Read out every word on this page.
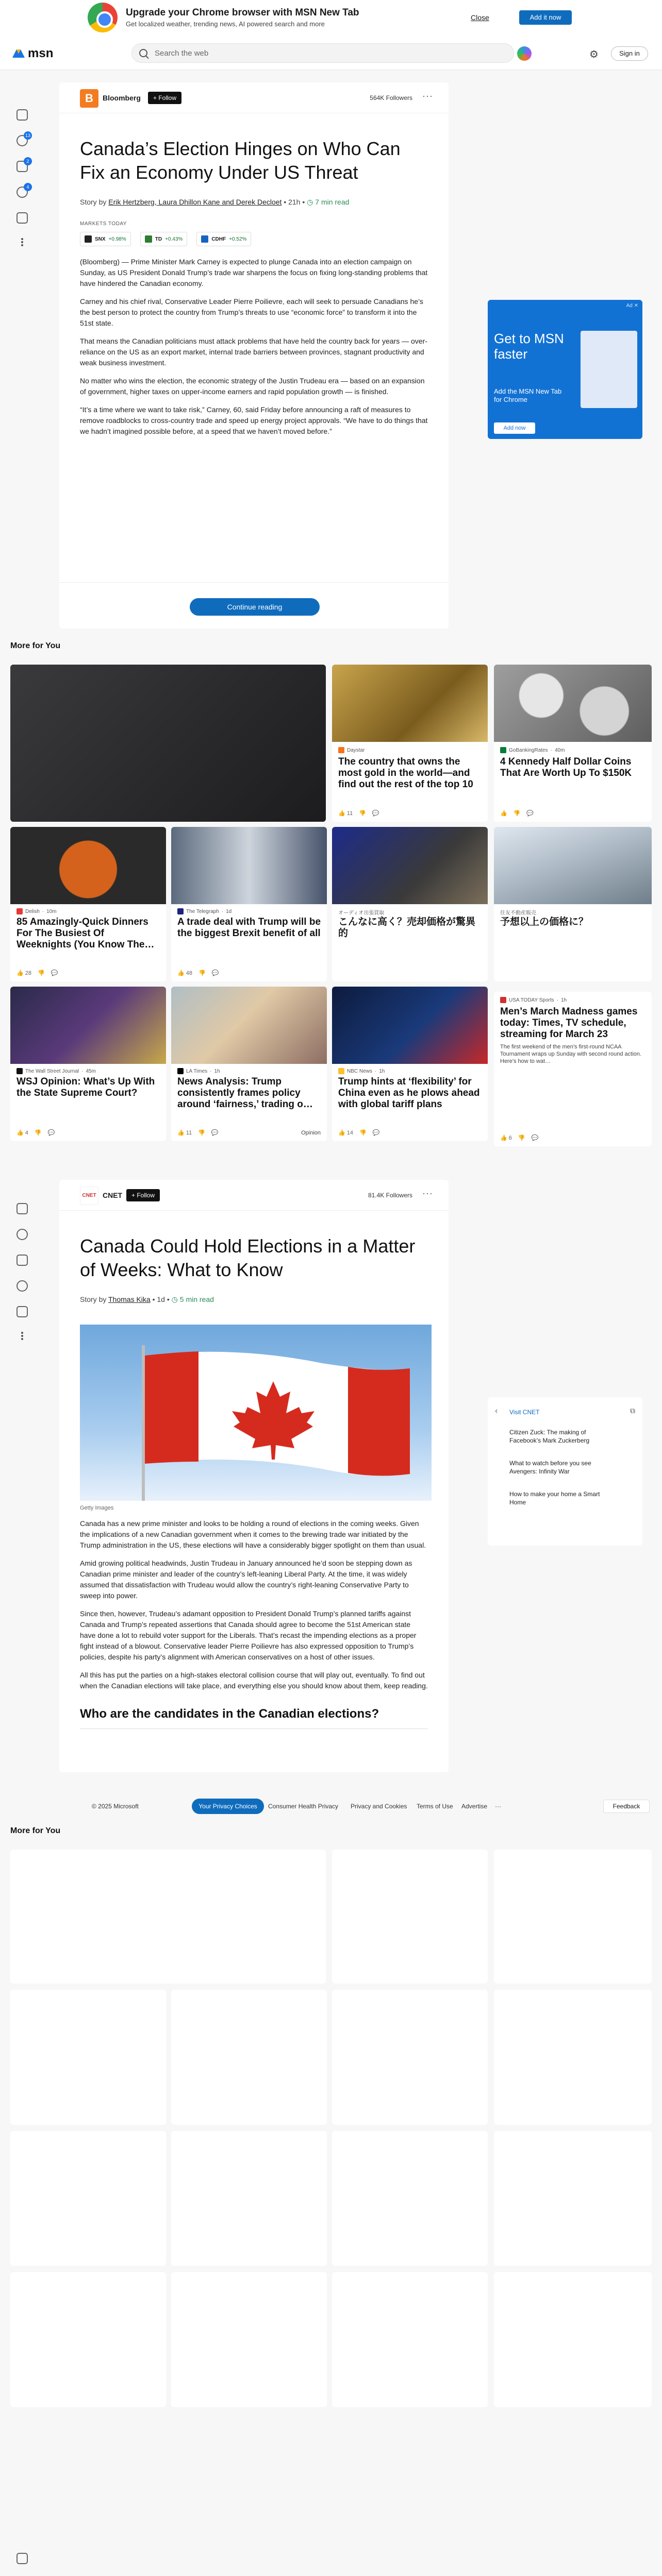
Upgrade your Chrome browser with MSN New Tab
Get localized weather, trending news, AI powered search and more
Close	Add it now
msn	Search the web	⚙	Sign in
13
2
4
B	Bloomberg	+ Follow	564K Followers ···
Canada’s Election Hinges on Who Can Fix an Economy Under US Threat
Story by Erik Hertzberg, Laura Dhillon Kane and Derek Decloet • 21h • ◷ 7 min read
MARKETS TODAY
SNX +0.98%	TD +0.43%	CDHF +0.52%

(Bloomberg) — Prime Minister Mark Carney is expected to plunge Canada into an election campaign on Sunday, as US President Donald Trump’s trade war sharpens the focus on fixing long-standing problems that have hindered the Canadian economy.

Carney and his chief rival, Conservative Leader Pierre Poilievre, each will seek to persuade Canadians he’s the best person to protect the country from Trump’s threats to use “economic force” to transform it into the 51st state.

That means the Canadian politicians must attack problems that have held the country back for years — over-reliance on the US as an export market, internal trade barriers between provinces, stagnant productivity and weak business investment.

No matter who wins the election, the economic strategy of the Justin Trudeau era — based on an expansion of government, higher taxes on upper-income earners and rapid population growth — is finished.

“It’s a time where we want to take risk,” Carney, 60, said Friday before announcing a raft of measures to remove roadblocks to cross-country trade and speed up energy project approvals. “We have to do things that we hadn’t imagined possible before, at a speed that we haven’t moved before.”

Continue reading
Ad ✕
Get to MSN faster
Add the MSN New Tab for Chrome
Add now
More for You
Daystar
The country that owns the most gold in the world—and find out the rest of the top 10
👍 11 👎 💬
GoBankingRates · 40m
4 Kennedy Half Dollar Coins That Are Worth Up To $150K
👍 👎 💬
Delish · 10m
85 Amazingly-Quick Dinners For The Busiest Of Weeknights (You Know The…
👍 28 👎 💬
The Telegraph · 1d
A trade deal with Trump will be the biggest Brexit benefit of all
👍 48 👎 💬
オーディオ出張買取
こんなに高く？売却価格が驚異的
住友不動産販売
予想以上の価格に？
The Wall Street Journal · 45m
WSJ Opinion: What’s Up With the State Supreme Court?
👍 4 👎 💬
LA Times · 1h
News Analysis: Trump consistently frames policy around ‘fairness,’ trading o…
👍 11 👎 💬	Opinion
NBC News · 1h
Trump hints at ‘flexibility’ for China even as he plows ahead with global tariff plans
👍 14 👎 💬
USA TODAY Sports · 1h
Men’s March Madness games today: Times, TV schedule, streaming for March 23
The first weekend of the men's first-round NCAA Tournament wraps up Sunday with second round action. Here's how to wat…
👍 6 👎 💬
CNET CNET	+ Follow	81.4K Followers ···
Canada Could Hold Elections in a Matter of Weeks: What to Know
Story by Thomas Kika • 1d • ◷ 5 min read
Getty Images

Canada has a new prime minister and looks to be holding a round of elections in the coming weeks. Given the implications of a new Canadian government when it comes to the brewing trade war initiated by the Trump administration in the US, these elections will have a considerably bigger spotlight on them than usual.

Amid growing political headwinds, Justin Trudeau in January announced he’d soon be stepping down as Canadian prime minister and leader of the country’s left-leaning Liberal Party. At the time, it was widely assumed that dissatisfaction with Trudeau would allow the country’s right-leaning Conservative Party to sweep into power.

Since then, however, Trudeau’s adamant opposition to President Donald Trump’s planned tariffs against Canada and Trump’s repeated assertions that Canada should agree to become the 51st American state have done a lot to rebuild voter support for the Liberals. That’s recast the impending elections as a proper fight instead of a blowout. Conservative leader Pierre Poilievre has also expressed opposition to Trump’s policies, despite his party’s alignment with American conservatives on a host of other issues.

All this has put the parties on a high-stakes electoral collision course that will play out, eventually. To find out when the Canadian elections will take place, and everything else you should know about them, keep reading.

Who are the candidates in the Canadian elections?
‹ Visit CNET	⧉
Citizen Zuck: The making of Facebook’s Mark Zuckerberg
What to watch before you see Avengers: Infinity War
How to make your home a Smart Home
© 2025 Microsoft	Your Privacy Choices	Consumer Health Privacy Privacy and Cookies Terms of Use Advertise ···	Feedback
More for You
